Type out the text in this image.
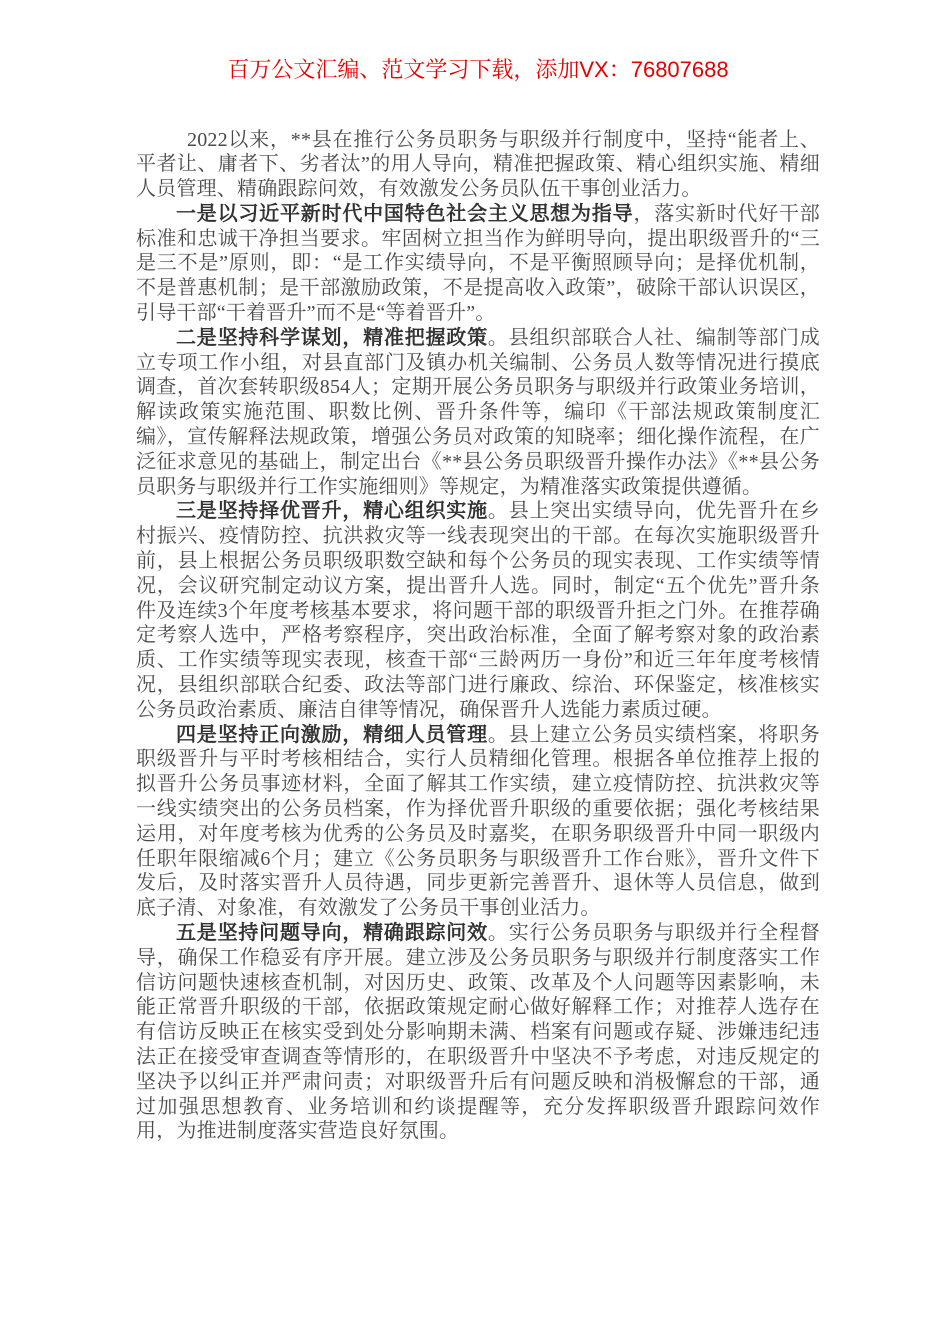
百万公文汇编、范文学习下载，添加VX：76807688

2022以来，**县在推行公务员职务与职级并行制度中，坚持“能者上、平者让、庸者下、劣者汰”的用人导向，精准把握政策、精心组织实施、精细人员管理、精确跟踪问效，有效激发公务员队伍干事创业活力。

一是以习近平新时代中国特色社会主义思想为指导，落实新时代好干部标准和忠诚干净担当要求。牢固树立担当作为鲜明导向，提出职级晋升的“三是三不是”原则，即：“是工作实绩导向，不是平衡照顾导向；是择优机制，不是普惠机制；是干部激励政策，不是提高收入政策”，破除干部认识误区，引导干部“干着晋升”而不是“等着晋升”。

二是坚持科学谋划，精准把握政策。县组织部联合人社、编制等部门成立专项工作小组，对县直部门及镇办机关编制、公务员人数等情况进行摸底调查，首次套转职级854人；定期开展公务员职务与职级并行政策业务培训，解读政策实施范围、职数比例、晋升条件等，编印《干部法规政策制度汇编》，宣传解释法规政策，增强公务员对政策的知晓率；细化操作流程，在广泛征求意见的基础上，制定出台《**县公务员职级晋升操作办法》《**县公务员职务与职级并行工作实施细则》等规定，为精准落实政策提供遵循。

三是坚持择优晋升，精心组织实施。县上突出实绩导向，优先晋升在乡村振兴、疫情防控、抗洪救灾等一线表现突出的干部。在每次实施职级晋升前，县上根据公务员职级职数空缺和每个公务员的现实表现、工作实绩等情况，会议研究制定动议方案，提出晋升人选。同时，制定“五个优先”晋升条件及连续3个年度考核基本要求，将问题干部的职级晋升拒之门外。在推荐确定考察人选中，严格考察程序，突出政治标准，全面了解考察对象的政治素质、工作实绩等现实表现，核查干部“三龄两历一身份”和近三年年度考核情况，县组织部联合纪委、政法等部门进行廉政、综治、环保鉴定，核准核实公务员政治素质、廉洁自律等情况，确保晋升人选能力素质过硬。

四是坚持正向激励，精细人员管理。县上建立公务员实绩档案，将职务职级晋升与平时考核相结合，实行人员精细化管理。根据各单位推荐上报的拟晋升公务员事迹材料，全面了解其工作实绩，建立疫情防控、抗洪救灾等一线实绩突出的公务员档案，作为择优晋升职级的重要依据；强化考核结果运用，对年度考核为优秀的公务员及时嘉奖，在职务职级晋升中同一职级内任职年限缩减6个月；建立《公务员职务与职级晋升工作台账》，晋升文件下发后，及时落实晋升人员待遇，同步更新完善晋升、退休等人员信息，做到底子清、对象准，有效激发了公务员干事创业活力。

五是坚持问题导向，精确跟踪问效。实行公务员职务与职级并行全程督导，确保工作稳妥有序开展。建立涉及公务员职务与职级并行制度落实工作信访问题快速核查机制，对因历史、政策、改革及个人问题等因素影响，未能正常晋升职级的干部，依据政策规定耐心做好解释工作；对推荐人选存在有信访反映正在核实受到处分影响期未满、档案有问题或存疑、涉嫌违纪违法正在接受审查调查等情形的，在职级晋升中坚决不予考虑，对违反规定的坚决予以纠正并严肃问责；对职级晋升后有问题反映和消极懈怠的干部，通过加强思想教育、业务培训和约谈提醒等，充分发挥职级晋升跟踪问效作用，为推进制度落实营造良好氛围。
